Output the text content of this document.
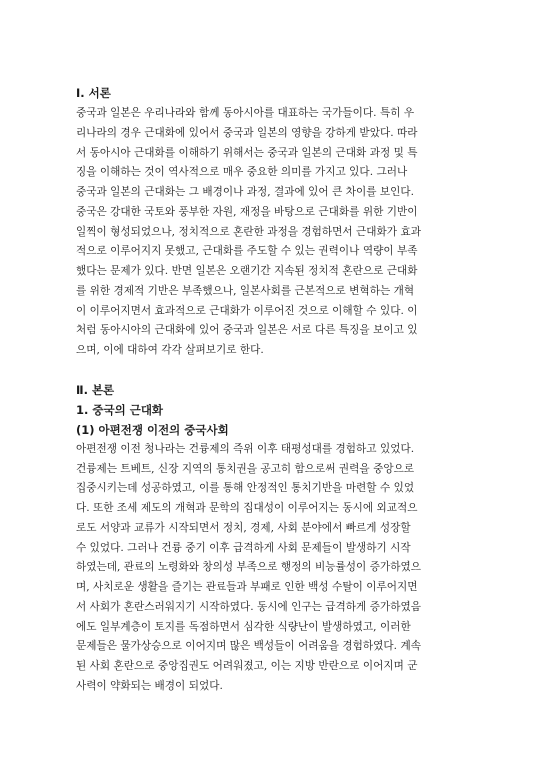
Ⅰ. 서론

중국과 일본은 우리나라와 함께 동아시아를 대표하는 국가들이다. 특히 우
리나라의 경우 근대화에 있어서 중국과 일본의 영향을 강하게 받았다. 따라
서 동아시아 근대화를 이해하기 위해서는 중국과 일본의 근대화 과정 및 특
징을 이해하는 것이 역사적으로 매우 중요한 의미를 가지고 있다. 그러나
중국과 일본의 근대화는 그 배경이나 과정, 결과에 있어 큰 차이를 보인다.
중국은 강대한 국토와 풍부한 자원, 재정을 바탕으로 근대화를 위한 기반이
일찍이 형성되었으나, 정치적으로 혼란한 과정을 경험하면서 근대화가 효과
적으로 이루어지지 못했고, 근대화를 주도할 수 있는 권력이나 역량이 부족
했다는 문제가 있다. 반면 일본은 오랜기간 지속된 정치적 혼란으로 근대화
를 위한 경제적 기반은 부족했으나, 일본사회를 근본적으로 변혁하는 개혁
이 이루어지면서 효과적으로 근대화가 이루어진 것으로 이해할 수 있다. 이
처럼 동아시아의 근대화에 있어 중국과 일본은 서로 다른 특징을 보이고 있
으며, 이에 대하여 각각 살펴보기로 한다.

Ⅱ. 본론

1. 중국의 근대화

(1) 아편전쟁 이전의 중국사회

아편전쟁 이전 청나라는 건륭제의 즉위 이후 태평성대를 경험하고 있었다.
건륭제는 트베트, 신장 지역의 통치권을 공고히 함으로써 권력을 중앙으로
집중시키는데 성공하였고, 이를 통해 안정적인 통치기반을 마련할 수 있었
다. 또한 조세 제도의 개혁과 문학의 집대성이 이루어지는 동시에 외교적으
로도 서양과 교류가 시작되면서 정치, 경제, 사회 분야에서 빠르게 성장할
수 있었다. 그러나 건륭 중기 이후 급격하게 사회 문제들이 발생하기 시작
하였는데, 관료의 노령화와 창의성 부족으로 행정의 비능률성이 증가하였으
며, 사치로운 생활을 즐기는 관료들과 부패로 인한 백성 수탈이 이루어지면
서 사회가 혼란스러워지기 시작하였다. 동시에 인구는 급격하게 증가하였음
에도 일부계층이 토지를 독점하면서 심각한 식량난이 발생하였고, 이러한
문제들은 물가상승으로 이어지며 많은 백성들이 어려움을 경험하였다. 계속
된 사회 혼란으로 중앙집권도 어려워졌고, 이는 지방 반란으로 이어지며 군
사력이 약화되는 배경이 되었다.
